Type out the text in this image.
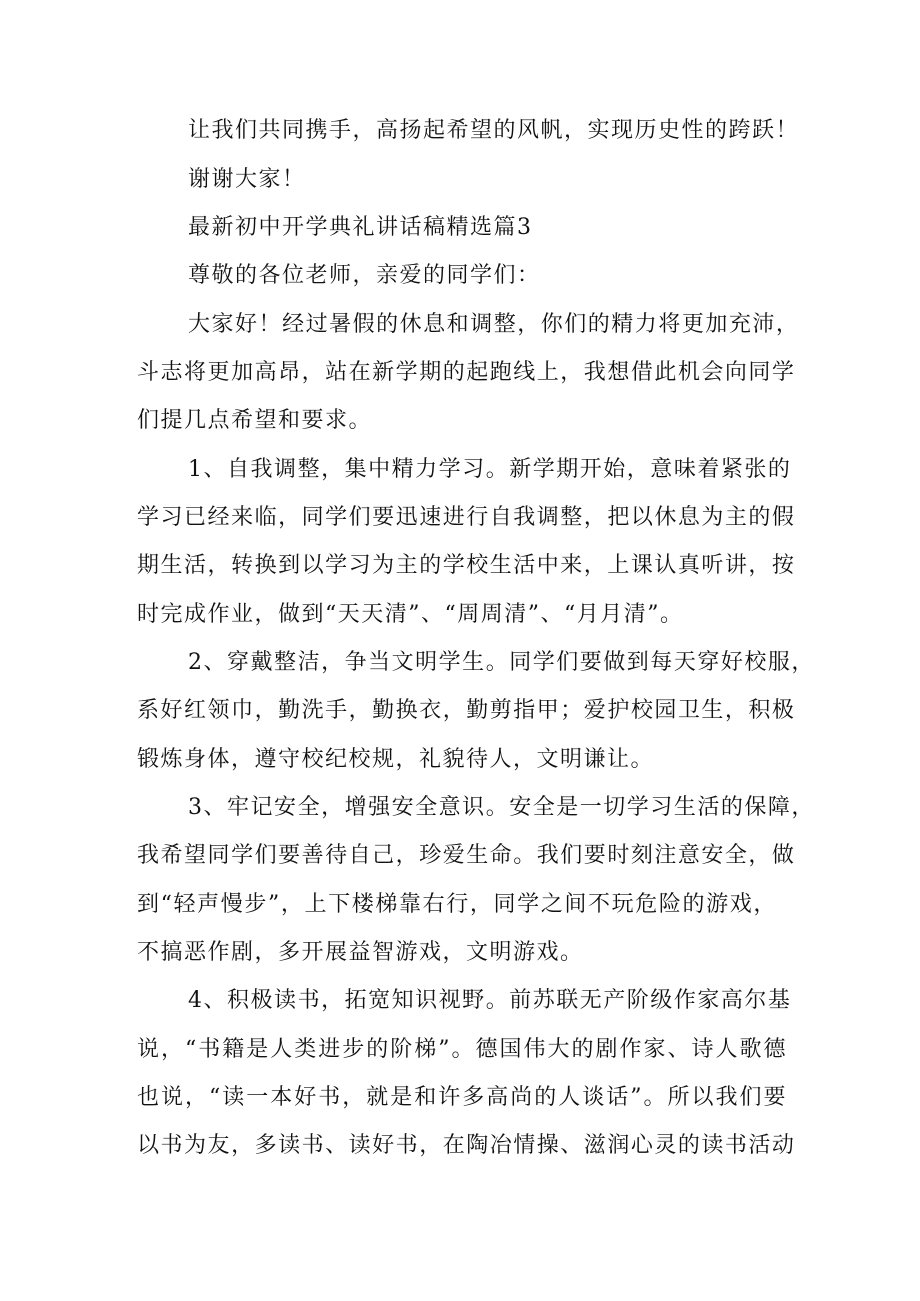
让我们共同携手，高扬起希望的风帆，实现历史性的跨跃！
谢谢大家！
最新初中开学典礼讲话稿精选篇3
尊敬的各位老师，亲爱的同学们：
大 家 好 ！ 经 过 暑 假 的 休 息 和 调 整 ， 你 们 的 精 力 将 更 加 充 沛 ，
斗 志 将 更 加 高 昂 ， 站 在 新 学 期 的 起 跑 线 上 ， 我 想 借 此 机 会 向 同 学
们提几点希望和要求。
1 、 自 我 调 整 ， 集 中 精 力 学 习 。 新 学 期 开 始 ， 意 味 着 紧 张 的
学 习 已 经 来 临 ， 同 学 们 要 迅 速 进 行 自 我 调 整 ， 把 以 休 息 为 主 的 假
期 生 活 ， 转 换 到 以 学 习 为 主 的 学 校 生 活 中 来 ， 上 课 认 真 听 讲 ， 按
时完成作业，做到“天天清”、“周周清”、“月月清”。
2 、 穿 戴 整 洁 ， 争 当 文 明 学 生 。 同 学 们 要 做 到 每 天 穿 好 校 服 ，
系 好 红 领 巾 ， 勤 洗 手 ， 勤 换 衣 ， 勤 剪 指 甲 ； 爱 护 校 园 卫 生 ， 积 极
锻炼身体，遵守校纪校规，礼貌待人，文明谦让。
3 、 牢 记 安 全 ， 增 强 安 全 意 识 。 安 全 是 一 切 学 习 生 活 的 保 障 ，
我 希 望 同 学 们 要 善 待 自 己 ， 珍 爱 生 命 。 我 们 要 时 刻 注 意 安 全 ， 做
到 “ 轻 声 慢 步 ” ， 上 下 楼 梯 靠 右 行 ， 同 学 之 间 不 玩 危 险 的 游 戏 ，
不搞恶作剧，多开展益智游戏，文明游戏。
4 、 积 极 读 书 ， 拓 宽 知 识 视 野 。 前 苏 联 无 产 阶 级 作 家 高 尔 基
说 ， “ 书 籍 是 人 类 进 步 的 阶 梯 ” 。 德 国 伟 大 的 剧 作 家 、 诗 人 歌 德
也 说 ， “ 读 一 本 好 书 ， 就 是 和 许 多 高 尚 的 人 谈 话 ” 。 所 以 我 们 要
以 书 为 友 ， 多 读 书 、 读 好 书 ， 在 陶 冶 情 操 、 滋 润 心 灵 的 读 书 活 动
